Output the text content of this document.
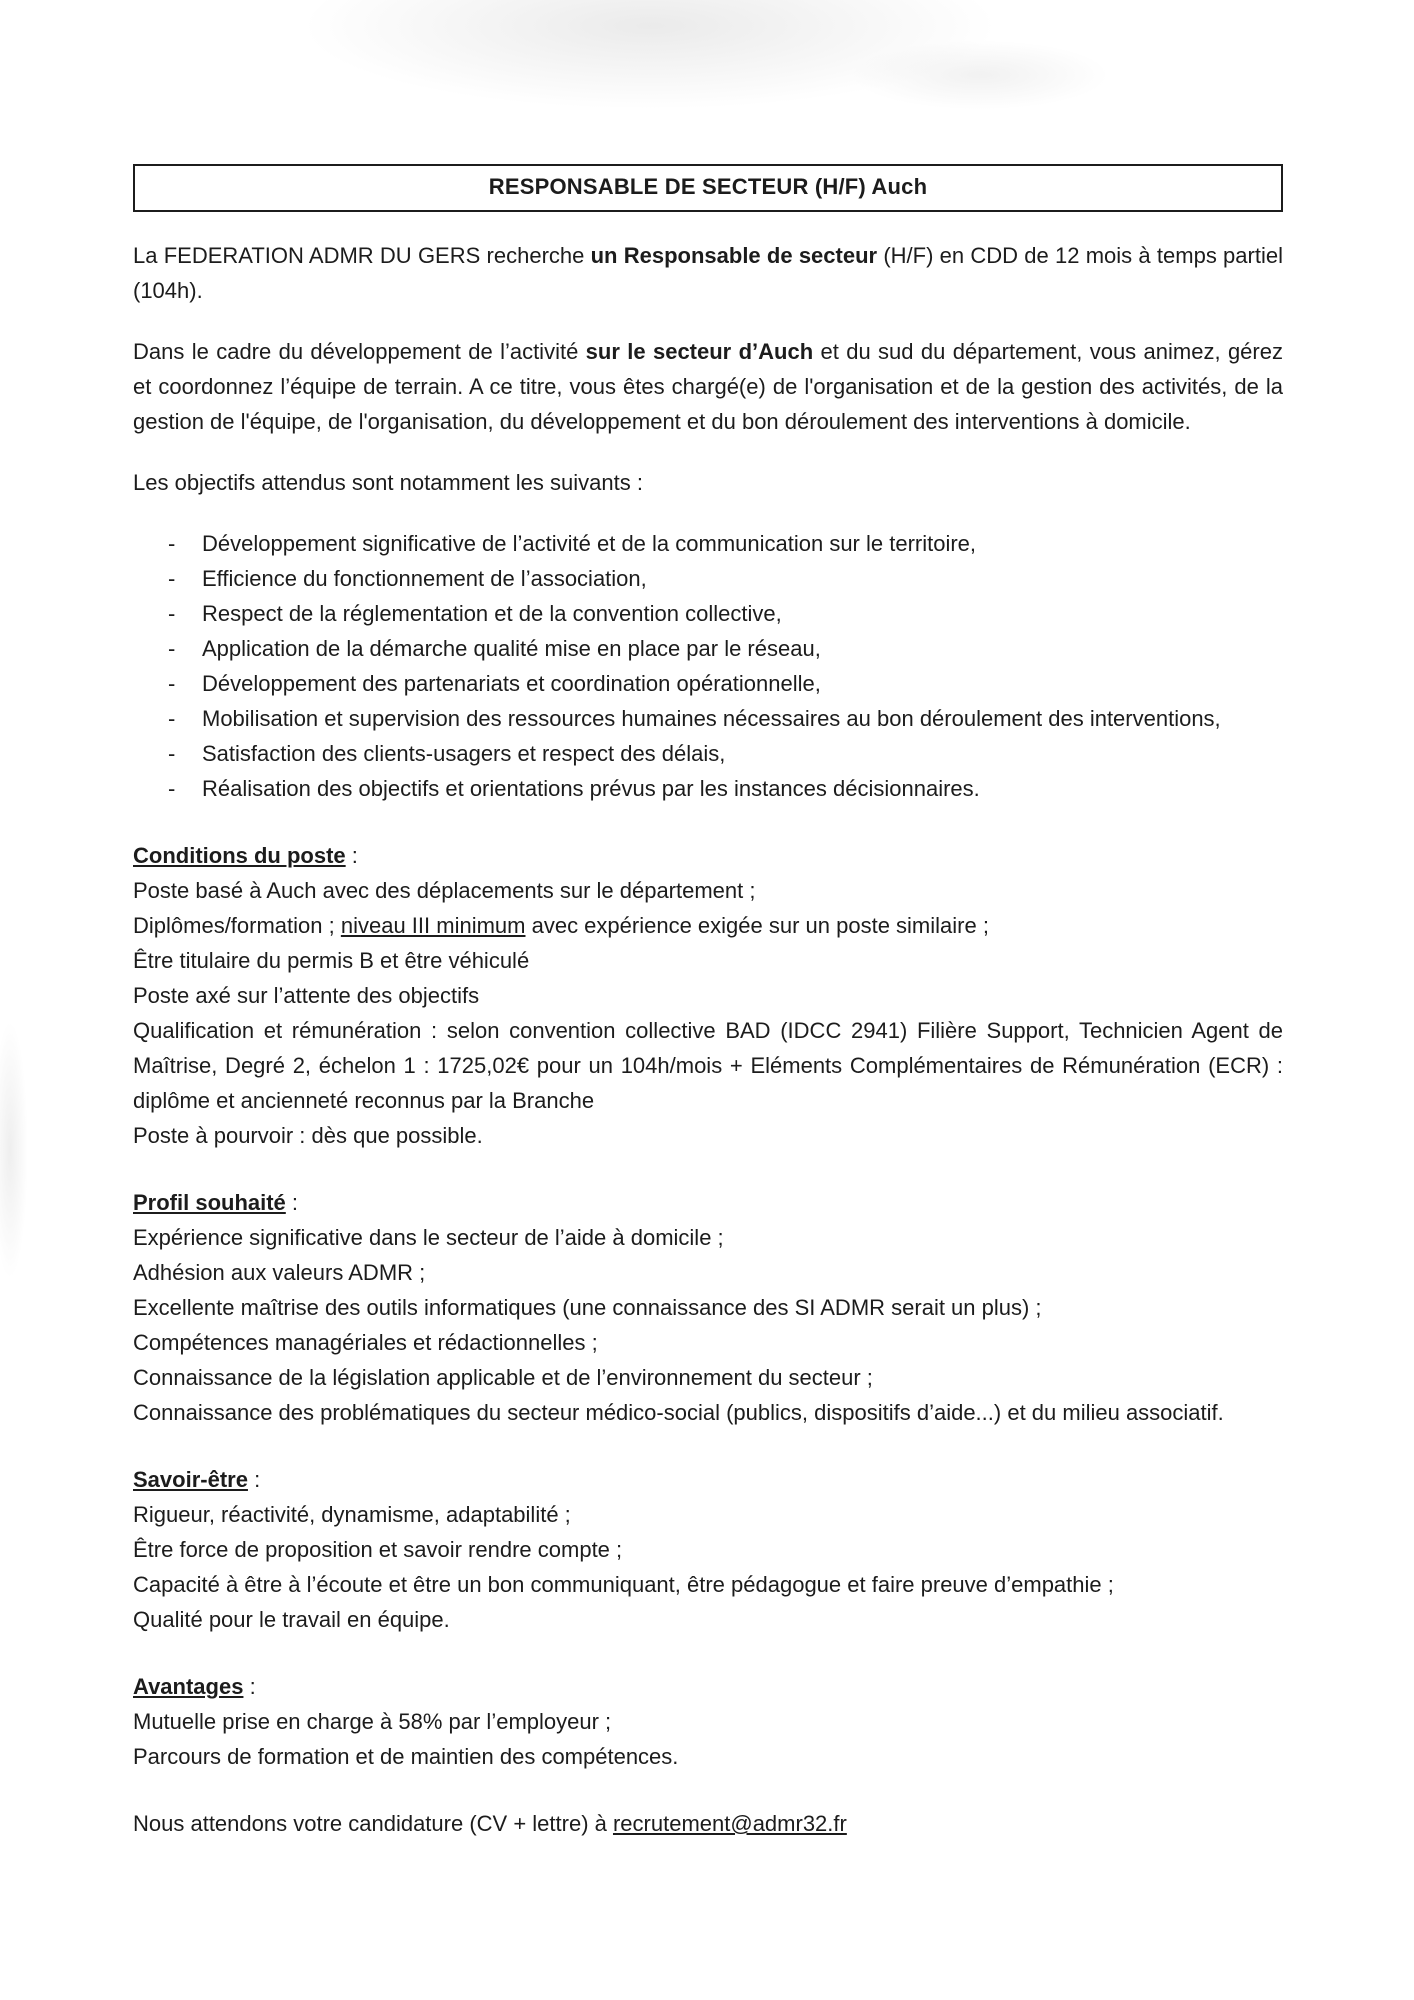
RESPONSABLE DE SECTEUR (H/F) Auch

La FEDERATION ADMR DU GERS recherche un Responsable de secteur (H/F) en CDD de 12 mois à temps partiel (104h).

Dans le cadre du développement de l’activité sur le secteur d’Auch et du sud du département, vous animez, gérez et coordonnez l’équipe de terrain. A ce titre, vous êtes chargé(e) de l'organisation et de la gestion des activités, de la gestion de l'équipe, de l'organisation, du développement et du bon déroulement des interventions à domicile.

Les objectifs attendus sont notamment les suivants :

- Développement significative de l’activité et de la communication sur le territoire,
- Efficience du fonctionnement de l’association,
- Respect de la réglementation et de la convention collective,
- Application de la démarche qualité mise en place par le réseau,
- Développement des partenariats et coordination opérationnelle,
- Mobilisation et supervision des ressources humaines nécessaires au bon déroulement des interventions,
- Satisfaction des clients-usagers et respect des délais,
- Réalisation des objectifs et orientations prévus par les instances décisionnaires.
Conditions du poste :
Poste basé à Auch avec des déplacements sur le département ;
Diplômes/formation ; niveau III minimum avec expérience exigée sur un poste similaire ;
Être titulaire du permis B et être véhiculé
Poste axé sur l’attente des objectifs
Qualification et rémunération : selon convention collective BAD (IDCC 2941) Filière Support, Technicien Agent de Maîtrise, Degré 2, échelon 1 : 1725,02€ pour un 104h/mois + Eléments Complémentaires de Rémunération (ECR) : diplôme et ancienneté reconnus par la Branche
Poste à pourvoir : dès que possible.
Profil souhaité :
Expérience significative dans le secteur de l’aide à domicile ;
Adhésion aux valeurs ADMR ;
Excellente maîtrise des outils informatiques (une connaissance des SI ADMR serait un plus) ;
Compétences managériales et rédactionnelles ;
Connaissance de la législation applicable et de l’environnement du secteur ;
Connaissance des problématiques du secteur médico-social (publics, dispositifs d’aide...) et du milieu associatif.
Savoir-être :
Rigueur, réactivité, dynamisme, adaptabilité ;
Être force de proposition et savoir rendre compte ;
Capacité à être à l’écoute et être un bon communiquant, être pédagogue et faire preuve d’empathie ;
Qualité pour le travail en équipe.
Avantages :
Mutuelle prise en charge à 58% par l’employeur ;
Parcours de formation et de maintien des compétences.

Nous attendons votre candidature (CV + lettre) à recrutement@admr32.fr
